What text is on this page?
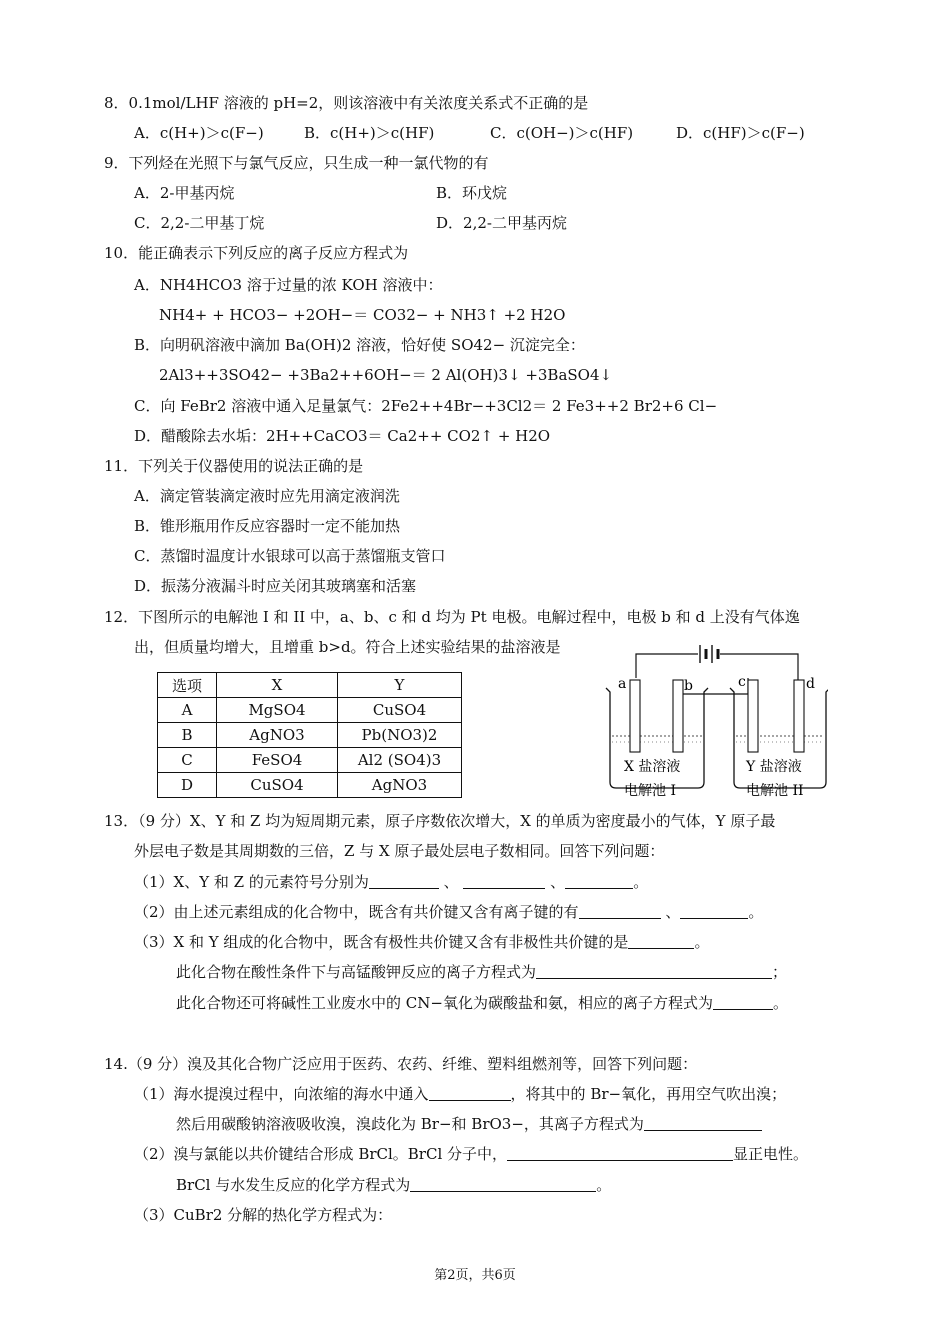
8．0.1mol/LHF 溶液的 pH=2，则该溶液中有关浓度关系式不正确的是
A．c(H+)＞c(F−)	B．c(H+)＞c(HF)	C．c(OH−)＞c(HF)	D．c(HF)＞c(F−)
9．下列烃在光照下与氯气反应，只生成一种一氯代物的有
A．2-甲基丙烷	B．环戊烷
C．2,2-二甲基丁烷	D．2,2-二甲基丙烷
10．能正确表示下列反应的离子反应方程式为
A．NH4HCO3 溶于过量的浓 KOH 溶液中：
NH4+ + HCO3− +2OH−＝ CO32− + NH3↑ +2 H2O
B．向明矾溶液中滴加 Ba(OH)2 溶液，恰好使 SO42− 沉淀完全：
2Al3++3SO42− +3Ba2++6OH−＝ 2 Al(OH)3↓ +3BaSO4↓
C．向 FeBr2 溶液中通入足量氯气：2Fe2++4Br−+3Cl2＝ 2 Fe3++2 Br2+6 Cl−
D．醋酸除去水垢：2H++CaCO3＝ Ca2++ CO2↑ + H2O
11．下列关于仪器使用的说法正确的是
A．滴定管装滴定液时应先用滴定液润洗
B．锥形瓶用作反应容器时一定不能加热
C．蒸馏时温度计水银球可以高于蒸馏瓶支管口
D．振荡分液漏斗时应关闭其玻璃塞和活塞
12．下图所示的电解池 I 和 II 中，a、b、c 和 d 均为 Pt 电极。电解过程中，电极 b 和 d 上没有气体逸
出，但质量均增大，且增重 b>d。符合上述实验结果的盐溶液是
选项	X	Y
A	MgSO4	CuSO4
B	AgNO3	Pb(NO3)2
C	FeSO4	Al2 (SO4)3
D	CuSO4	AgNO3
a	b	c	d
X 盐溶液	Y 盐溶液
电解池 I	电解池 II
13．（9 分）X、Y 和 Z 均为短周期元素，原子序数依次增大，X 的单质为密度最小的气体，Y 原子最
外层电子数是其周期数的三倍，Z 与 X 原子最处层电子数相同。回答下列问题：
（1）X、Y 和 Z 的元素符号分别为	、	、	。
（2）由上述元素组成的化合物中，既含有共价键又含有离子键的有	、	。
（3）X 和 Y 组成的化合物中，既含有极性共价键又含有非极性共价键的是	。
此化合物在酸性条件下与高锰酸钾反应的离子方程式为	；
此化合物还可将碱性工业废水中的 CN−氧化为碳酸盐和氨，相应的离子方程式为	。
14.（9 分）溴及其化合物广泛应用于医药、农药、纤维、塑料组燃剂等，回答下列问题：
（1）海水提溴过程中，向浓缩的海水中通入	，将其中的 Br−氧化，再用空气吹出溴；
然后用碳酸钠溶液吸收溴，溴歧化为 Br−和 BrO3−，其离子方程式为
（2）溴与氯能以共价键结合形成 BrCl。BrCl 分子中，	显正电性。
BrCl 与水发生反应的化学方程式为	。
（3）CuBr2 分解的热化学方程式为：
第2页，共6页
